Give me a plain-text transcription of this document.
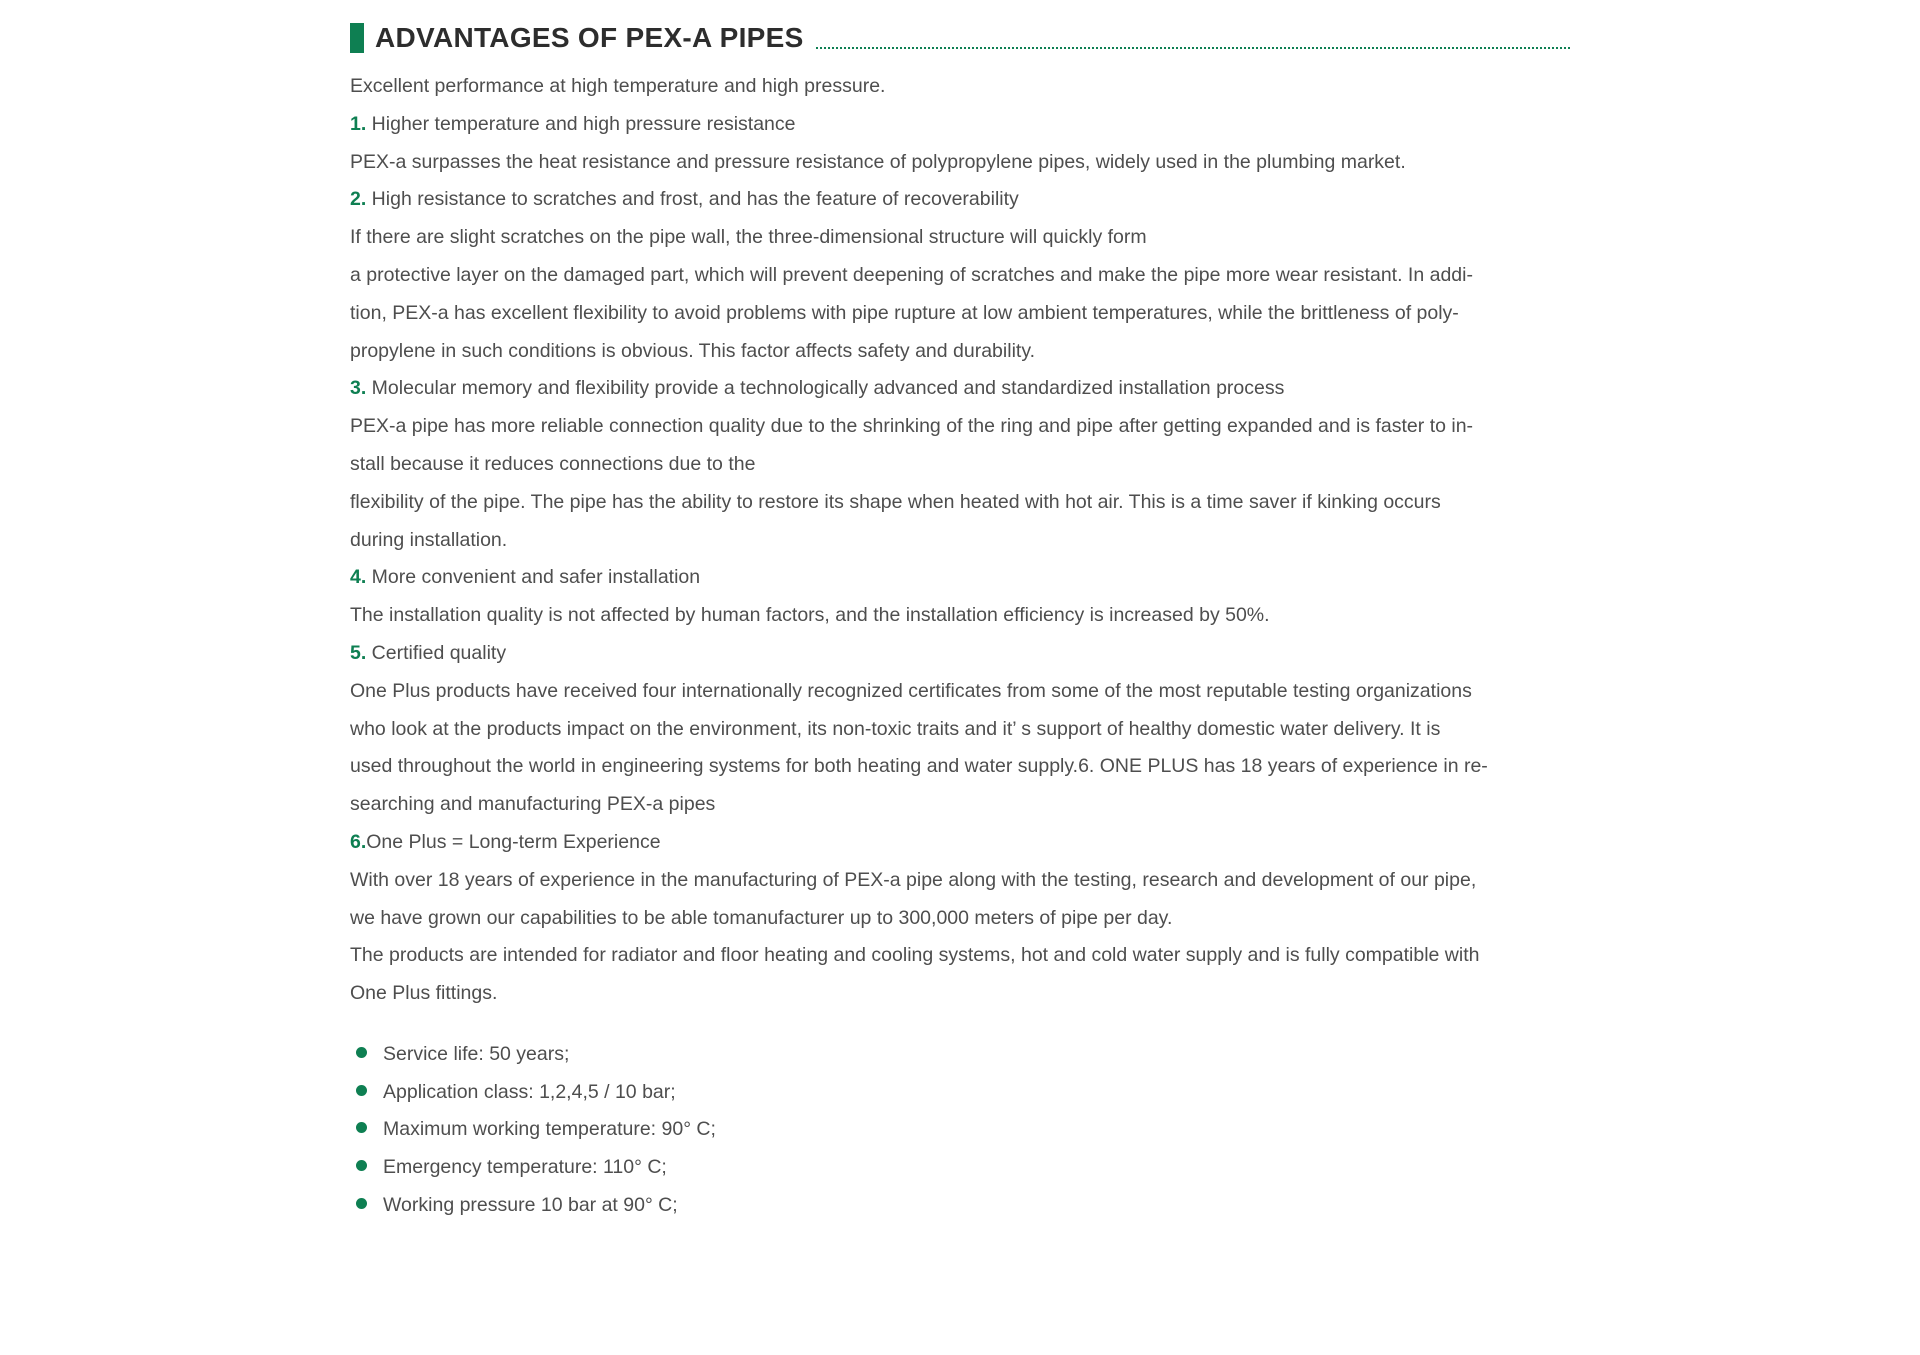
ADVANTAGES OF PEX-A PIPES
Excellent performance at high temperature and high pressure.
1. Higher temperature and high pressure resistance
PEX-a surpasses the heat resistance and pressure resistance of polypropylene pipes, widely used in the plumbing market.
2. High resistance to scratches and frost, and has the feature of recoverability
If there are slight scratches on the pipe wall, the three-dimensional structure will quickly form
a protective layer on the damaged part, which will prevent deepening of scratches and make the pipe more wear resistant. In addi-
tion, PEX-a has excellent flexibility to avoid problems with pipe rupture at low ambient temperatures, while the brittleness of poly-
propylene in such conditions is obvious. This factor affects safety and durability.
3. Molecular memory and flexibility provide a technologically advanced and standardized installation process
PEX-a pipe has more reliable connection quality due to the shrinking of the ring and pipe after getting expanded and is faster to in-
stall because it reduces connections due to the
flexibility of the pipe. The pipe has the ability to restore its shape when heated with hot air. This is a time saver if kinking occurs
during installation.
4. More convenient and safer installation
The installation quality is not affected by human factors, and the installation efficiency is increased by 50%.
5. Certified quality
One Plus products have received four internationally recognized certificates from some of the most reputable testing organizations
who look at the products impact on the environment, its non-toxic traits and it’ s support of healthy domestic water delivery. It is
used throughout the world in engineering systems for both heating and water supply.6. ONE PLUS has 18 years of experience in re-
searching and manufacturing PEX-a pipes
6.One Plus = Long-term Experience
With over 18 years of experience in the manufacturing of PEX-a pipe along with the testing, research and development of our pipe,
we have grown our capabilities to be able tomanufacturer up to 300,000 meters of pipe per day.
The products are intended for radiator and floor heating and cooling systems, hot and cold water supply and is fully compatible with
One Plus fittings.
Service life: 50 years;
Application class: 1,2,4,5 / 10 bar;
Maximum working temperature: 90° C;
Emergency temperature: 110° C;
Working pressure 10 bar at 90° C;
